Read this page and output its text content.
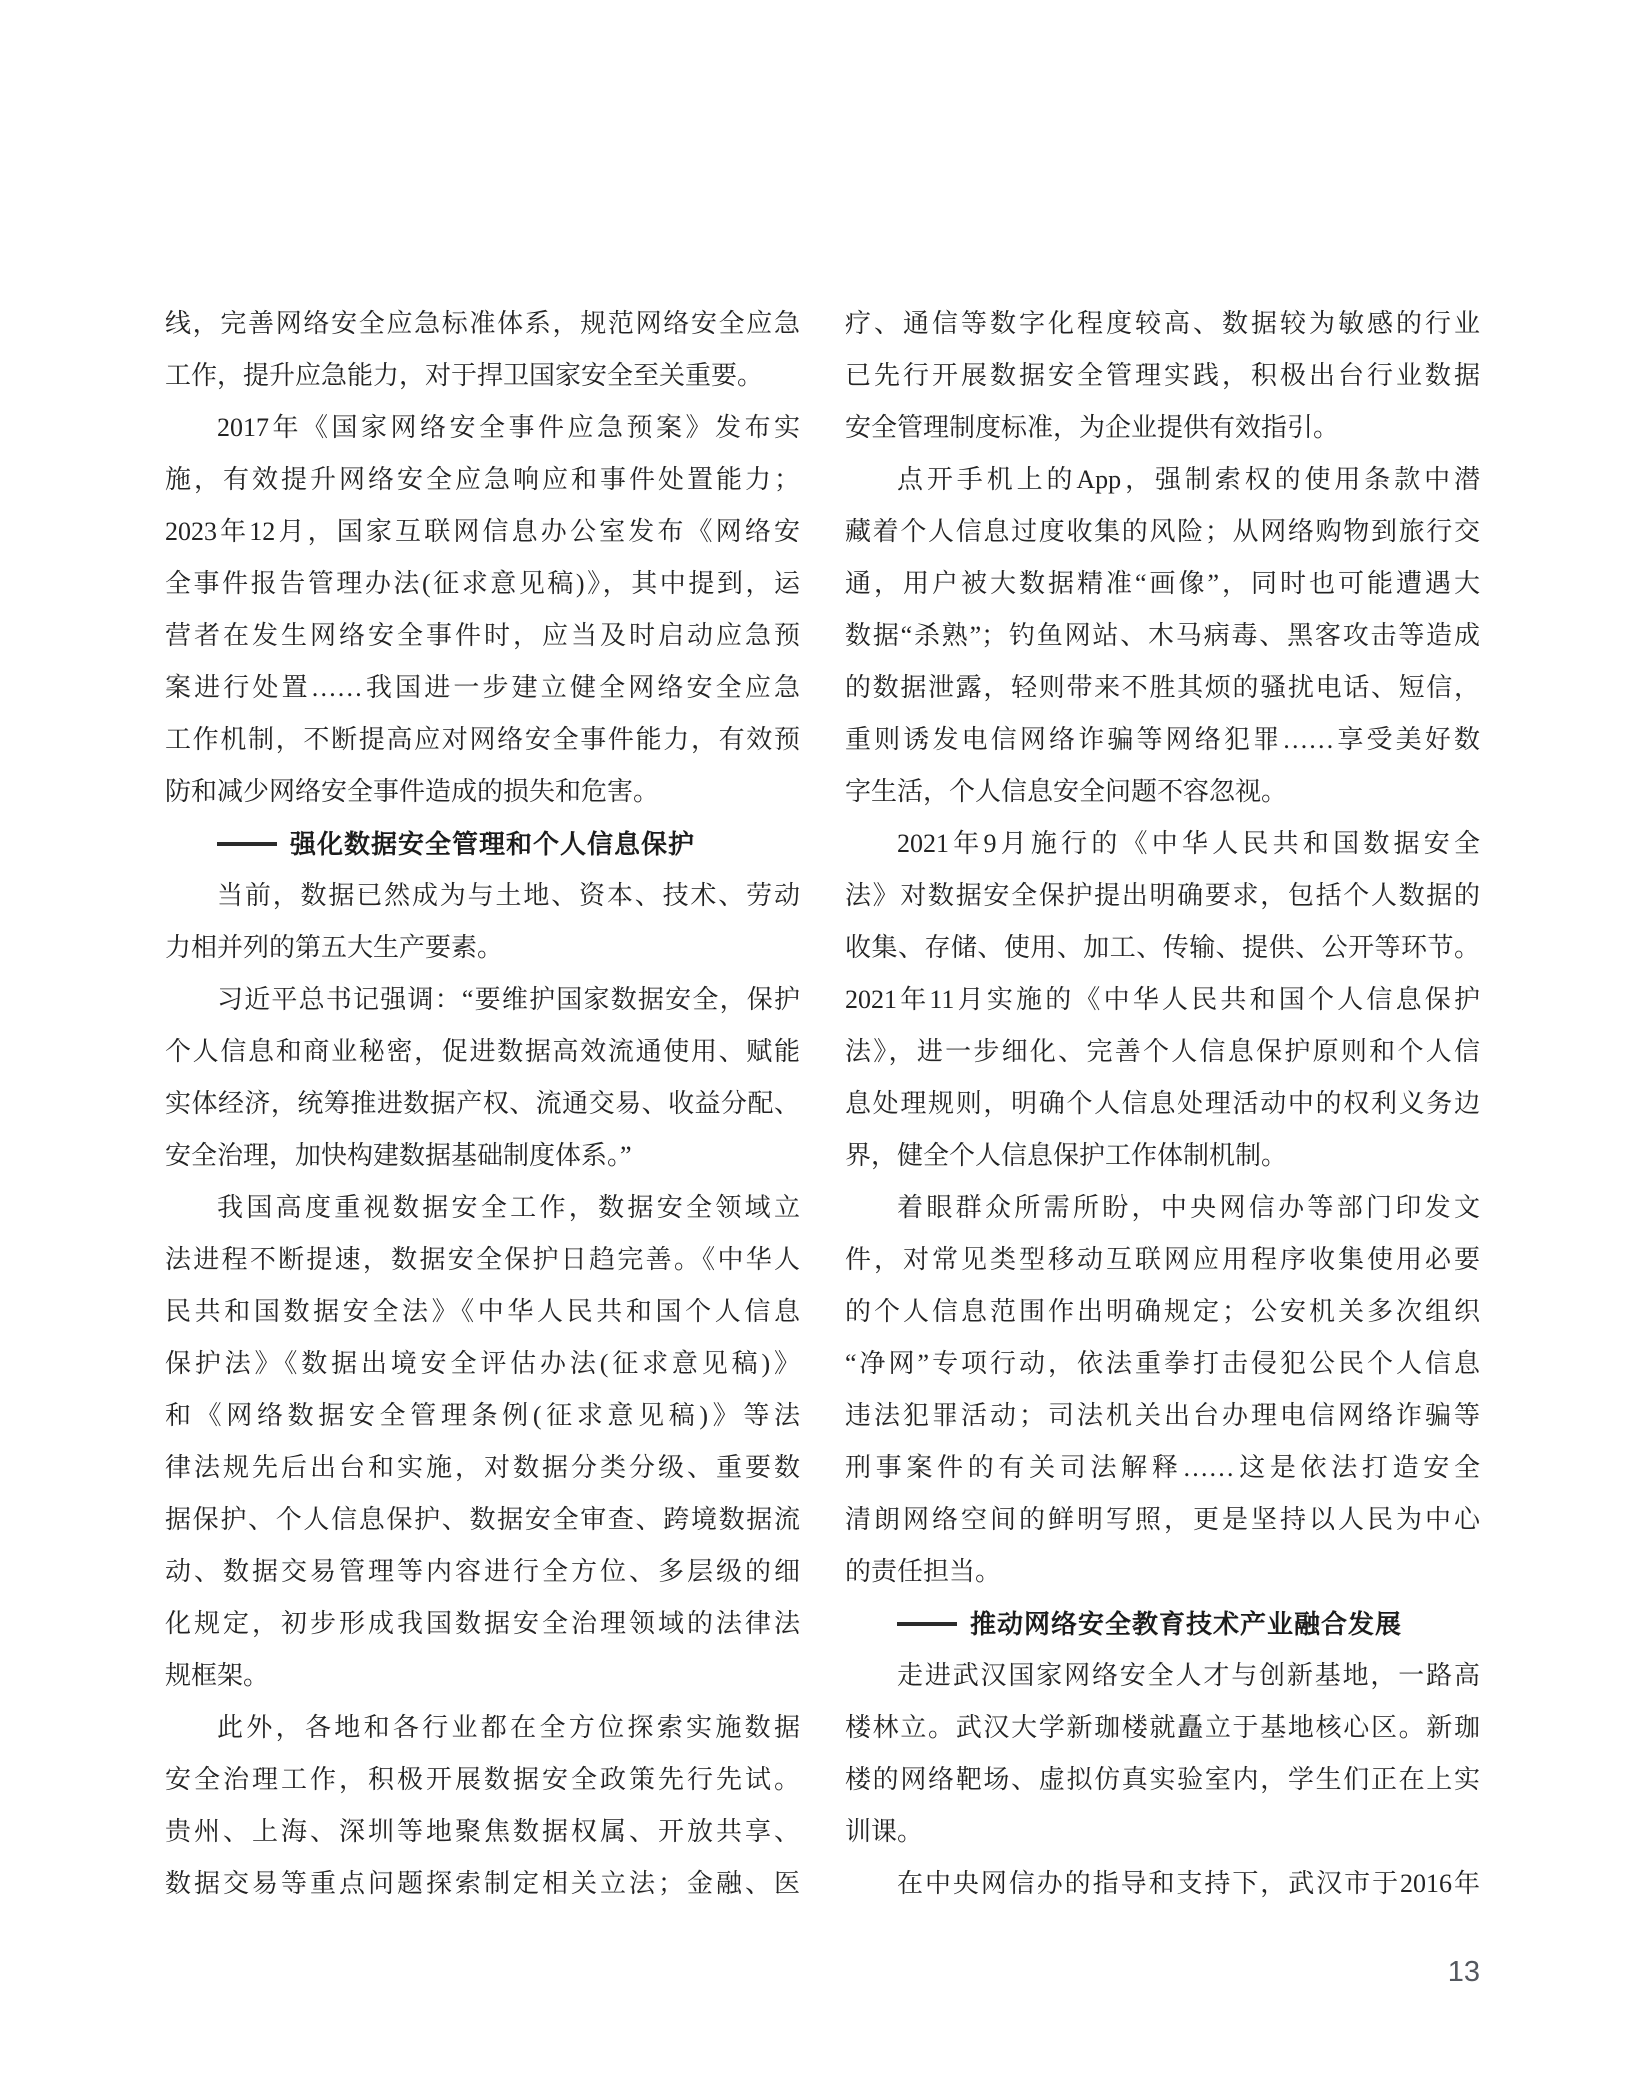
线，完善网络安全应急标准体系，规范网络安全应急
工作，提升应急能力，对于捍卫国家安全至关重要。
2017年《国家网络安全事件应急预案》发布实
施，有效提升网络安全应急响应和事件处置能力；
2023年12月，国家互联网信息办公室发布《网络安
全事件报告管理办法(征求意见稿)》，其中提到，运
营者在发生网络安全事件时，应当及时启动应急预
案进行处置……我国进一步建立健全网络安全应急
工作机制，不断提高应对网络安全事件能力，有效预
防和减少网络安全事件造成的损失和危害。
强化数据安全管理和个人信息保护
当前，数据已然成为与土地、资本、技术、劳动
力相并列的第五大生产要素。
习近平总书记强调：“要维护国家数据安全，保护
个人信息和商业秘密，促进数据高效流通使用、赋能
实体经济，统筹推进数据产权、流通交易、收益分配、
安全治理，加快构建数据基础制度体系。”
我国高度重视数据安全工作，数据安全领域立
法进程不断提速，数据安全保护日趋完善。《中华人
民共和国数据安全法》《中华人民共和国个人信息
保护法》《数据出境安全评估办法(征求意见稿)》
和《网络数据安全管理条例(征求意见稿)》等法
律法规先后出台和实施，对数据分类分级、重要数
据保护、个人信息保护、数据安全审查、跨境数据流
动、数据交易管理等内容进行全方位、多层级的细
化规定，初步形成我国数据安全治理领域的法律法
规框架。
此外，各地和各行业都在全方位探索实施数据
安全治理工作，积极开展数据安全政策先行先试。
贵州、上海、深圳等地聚焦数据权属、开放共享、
数据交易等重点问题探索制定相关立法；金融、医
疗、通信等数字化程度较高、数据较为敏感的行业
已先行开展数据安全管理实践，积极出台行业数据
安全管理制度标准，为企业提供有效指引。
点开手机上的App，强制索权的使用条款中潜
藏着个人信息过度收集的风险；从网络购物到旅行交
通，用户被大数据精准“画像”，同时也可能遭遇大
数据“杀熟”；钓鱼网站、木马病毒、黑客攻击等造成
的数据泄露，轻则带来不胜其烦的骚扰电话、短信，
重则诱发电信网络诈骗等网络犯罪……享受美好数
字生活，个人信息安全问题不容忽视。
2021年9月施行的《中华人民共和国数据安全
法》对数据安全保护提出明确要求，包括个人数据的
收集、存储、使用、加工、传输、提供、公开等环节。
2021年11月实施的《中华人民共和国个人信息保护
法》，进一步细化、完善个人信息保护原则和个人信
息处理规则，明确个人信息处理活动中的权利义务边
界，健全个人信息保护工作体制机制。
着眼群众所需所盼，中央网信办等部门印发文
件，对常见类型移动互联网应用程序收集使用必要
的个人信息范围作出明确规定；公安机关多次组织
“净网”专项行动，依法重拳打击侵犯公民个人信息
违法犯罪活动；司法机关出台办理电信网络诈骗等
刑事案件的有关司法解释……这是依法打造安全
清朗网络空间的鲜明写照，更是坚持以人民为中心
的责任担当。
推动网络安全教育技术产业融合发展
走进武汉国家网络安全人才与创新基地，一路高
楼林立。武汉大学新珈楼就矗立于基地核心区。新珈
楼的网络靶场、虚拟仿真实验室内，学生们正在上实
训课。
在中央网信办的指导和支持下，武汉市于2016年
13
